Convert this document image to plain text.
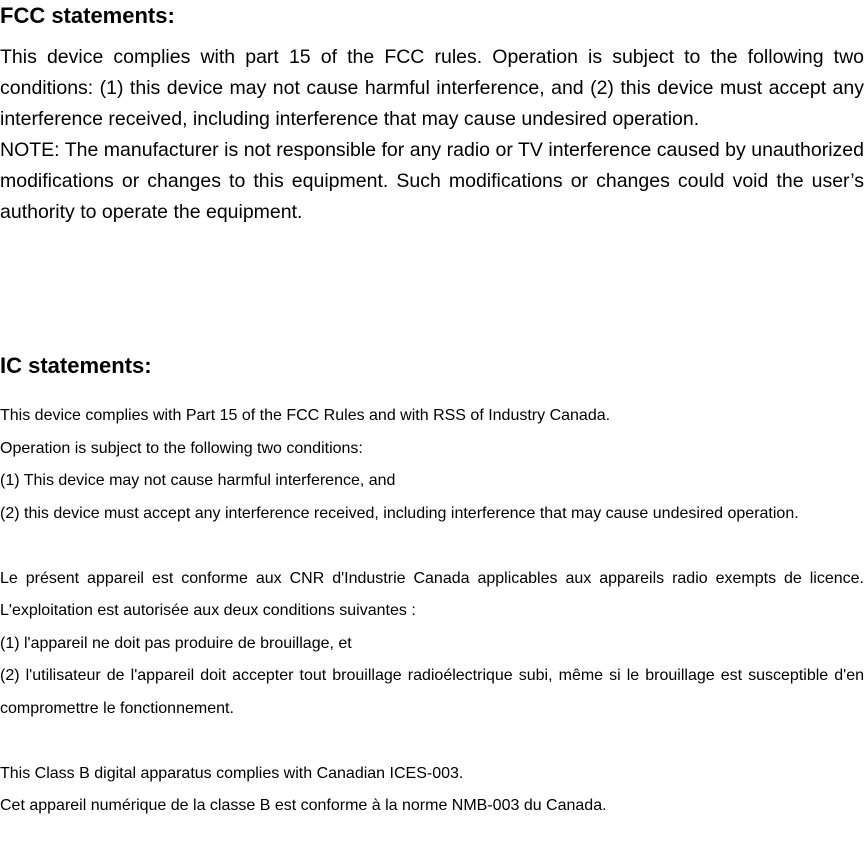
FCC statements:

This device complies with part 15 of the FCC rules. Operation is subject to the following two conditions: (1) this device may not cause harmful interference, and (2) this device must accept any interference received, including interference that may cause undesired operation.

NOTE: The manufacturer is not responsible for any radio or TV interference caused by unauthorized modifications or changes to this equipment. Such modifications or changes could void the user’s authority to operate the equipment.

IC statements:

This device complies with Part 15 of the FCC Rules and with RSS of Industry Canada.

Operation is subject to the following two conditions:

(1) This device may not cause harmful interference, and

(2) this device must accept any interference received, including interference that may cause undesired operation.

Le présent appareil est conforme aux CNR d'Industrie Canada applicables aux appareils radio exempts de licence. L'exploitation est autorisée aux deux conditions suivantes :

(1) l'appareil ne doit pas produire de brouillage, et

(2) l'utilisateur de l'appareil doit accepter tout brouillage radioélectrique subi, même si le brouillage est susceptible d'en compromettre le fonctionnement.

This Class B digital apparatus complies with Canadian ICES-003.

Cet appareil numérique de la classe B est conforme à la norme NMB-003 du Canada.
